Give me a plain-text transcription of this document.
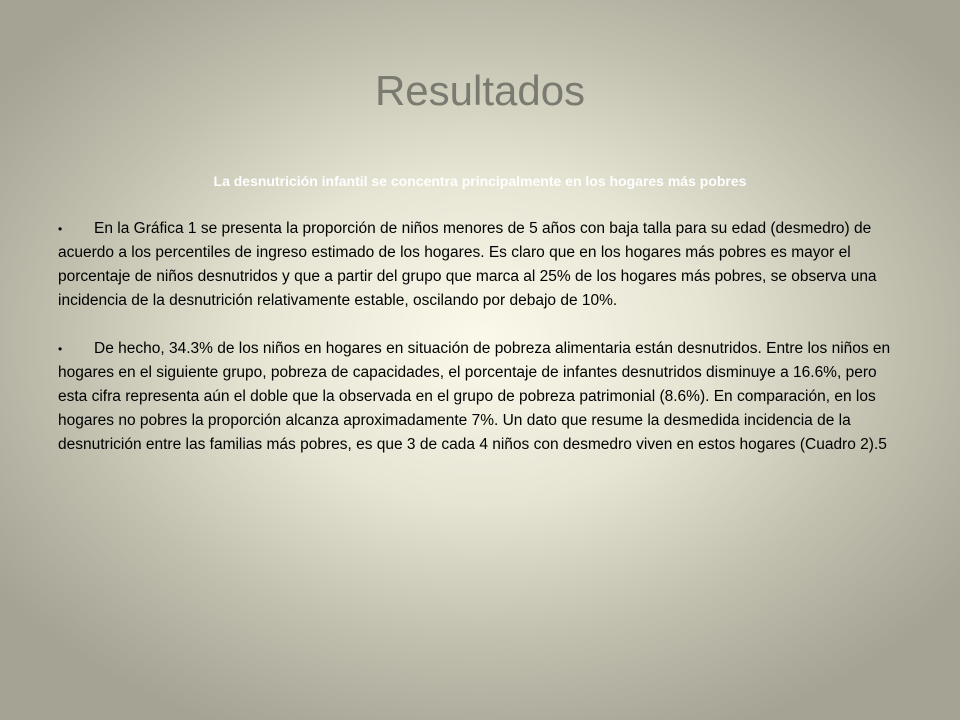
Resultados

La desnutrición infantil se concentra principalmente en los hogares más pobres

• En la Gráfica 1 se presenta la proporción de niños menores de 5 años con baja talla para su edad (desmedro) de acuerdo a los percentiles de ingreso estimado de los hogares. Es claro que en los hogares más pobres es mayor el porcentaje de niños desnutridos y que a partir del grupo que marca al 25% de los hogares más pobres, se observa una incidencia de la desnutrición relativamente estable, oscilando por debajo de 10%.

• De hecho, 34.3% de los niños en hogares en situación de pobreza alimentaria están desnutridos. Entre los niños en hogares en el siguiente grupo, pobreza de capacidades, el porcentaje de infantes desnutridos disminuye a 16.6%, pero esta cifra representa aún el doble que la observada en el grupo de pobreza patrimonial (8.6%). En comparación, en los hogares no pobres la proporción alcanza aproximadamente 7%. Un dato que resume la desmedida incidencia de la desnutrición entre las familias más pobres, es que 3 de cada 4 niños con desmedro viven en estos hogares (Cuadro 2).5
